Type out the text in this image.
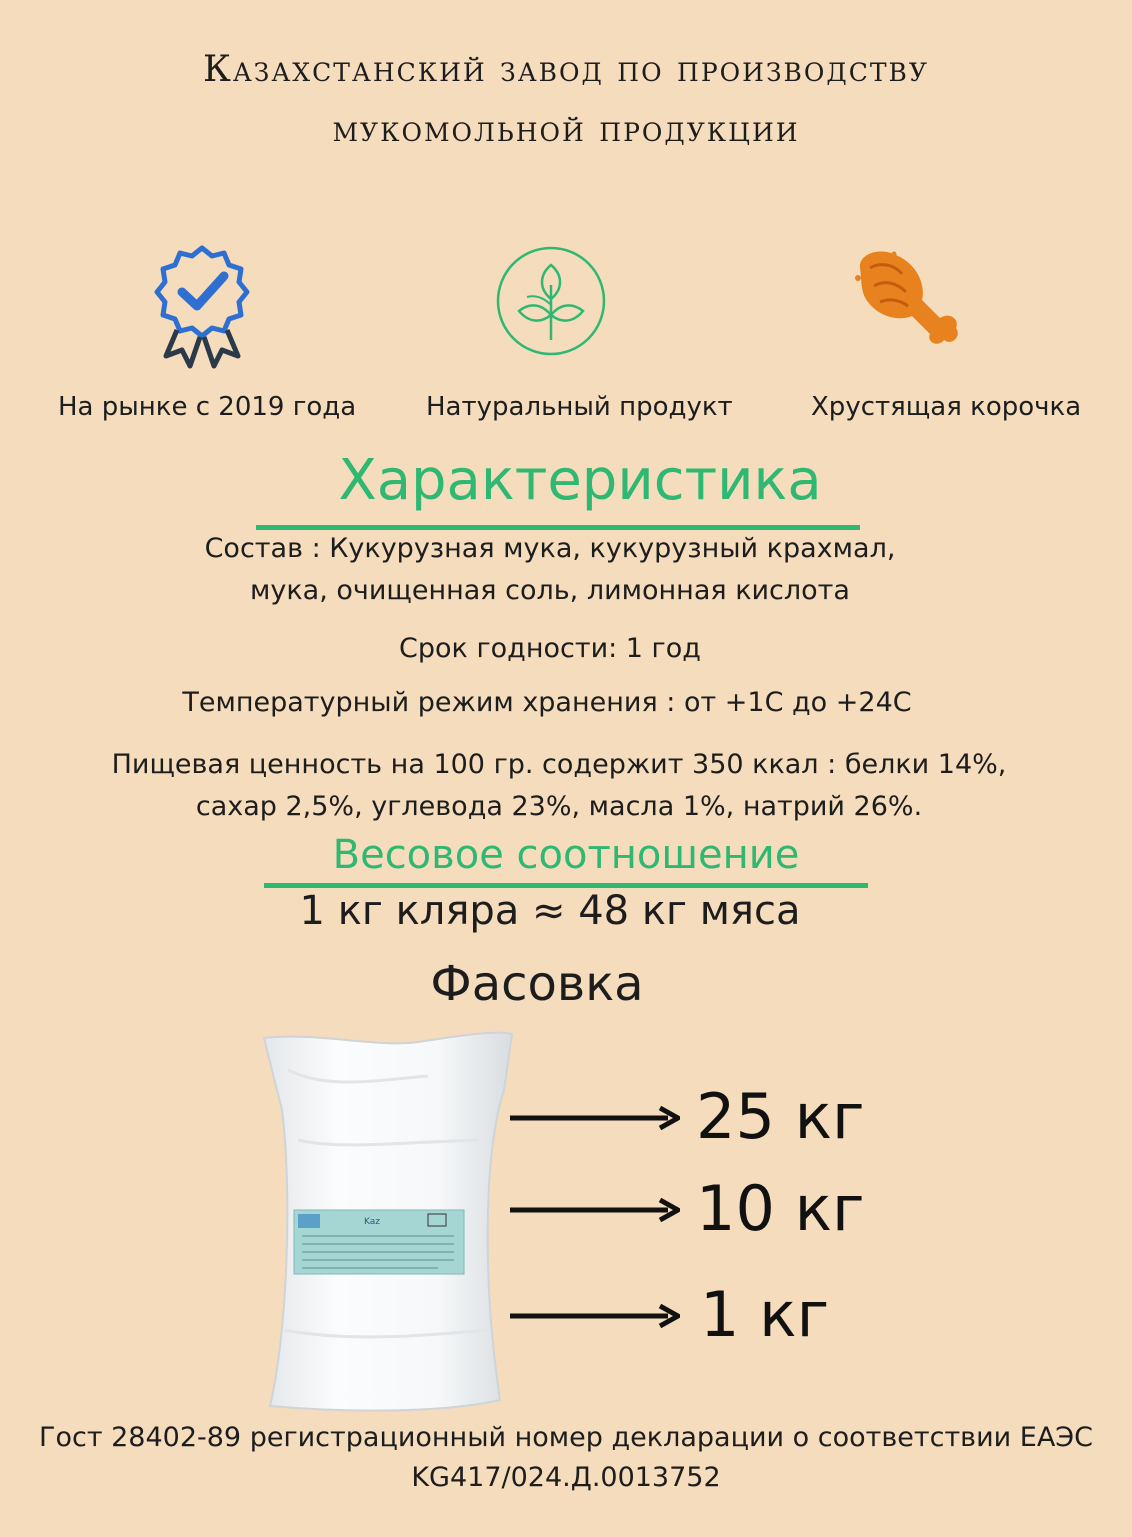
Казахстанский завод по производству
мукомольной продукции
На рынке с 2019 года	Натуральный продукт	Хрустящая корочка
Характеристика
Состав : Кукурузная мука, кукурузный крахмал,
мука, очищенная соль, лимонная кислота
Срок годности: 1 год
Температурный режим хранения : от +1С до +24С
Пищевая ценность на 100 гр. содержит 350 ккал : белки 14%,
сахар 2,5%, углевода 23%, масла 1%, натрий 26%.
Весовое соотношение
1 кг кляра ≈ 48 кг мяса
Фасовка
Kaz
25 кг
10 кг
1 кг
Гост 28402-89 регистрационный номер декларации о соответствии ЕАЭС
KG417/024.Д.0013752
